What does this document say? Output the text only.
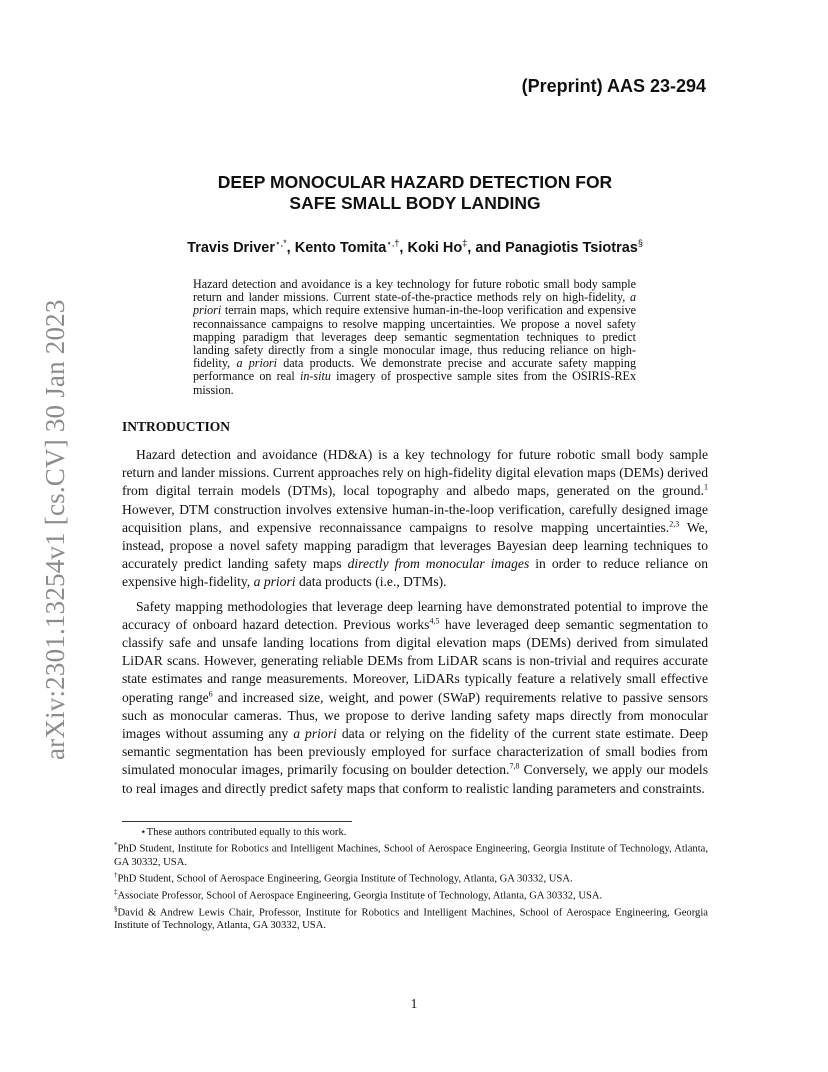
arXiv:2301.13254v1 [cs.CV] 30 Jan 2023
(Preprint) AAS 23-294
DEEP MONOCULAR HAZARD DETECTION FOR
SAFE SMALL BODY LANDING
Travis Driver⋆,*, Kento Tomita⋆,†, Koki Ho‡, and Panagiotis Tsiotras§
Hazard detection and avoidance is a key technology for future robotic small body sample return and lander missions. Current state-of-the-practice methods rely on high-fidelity, a priori terrain maps, which require extensive human-in-the-loop verification and expensive reconnaissance campaigns to resolve mapping uncertainties. We propose a novel safety mapping paradigm that leverages deep semantic segmentation techniques to predict landing safety directly from a single monocular image, thus reducing reliance on high-fidelity, a priori data products. We demonstrate precise and accurate safety mapping performance on real in-situ imagery of prospective sample sites from the OSIRIS-REx mission.
INTRODUCTION

Hazard detection and avoidance (HD&A) is a key technology for future robotic small body sample return and lander missions. Current approaches rely on high-fidelity digital elevation maps (DEMs) derived from digital terrain models (DTMs), local topography and albedo maps, generated on the ground.$^1$ However, DTM construction involves extensive human-in-the-loop verification, carefully designed image acquisition plans, and expensive reconnaissance campaigns to resolve mapping uncertainties.$^{2,3}$ We, instead, propose a novel safety mapping paradigm that leverages Bayesian deep learning techniques to accurately predict landing safety maps directly from monocular images in order to reduce reliance on expensive high-fidelity, a priori data products (i.e., DTMs).

Safety mapping methodologies that leverage deep learning have demonstrated potential to improve the accuracy of onboard hazard detection. Previous works$^{4,5}$ have leveraged deep semantic segmentation to classify safe and unsafe landing locations from digital elevation maps (DEMs) derived from simulated LiDAR scans. However, generating reliable DEMs from LiDAR scans is non-trivial and requires accurate state estimates and range measurements. Moreover, LiDARs typically feature a relatively small effective operating range$^6$ and increased size, weight, and power (SWaP) requirements relative to passive sensors such as monocular cameras. Thus, we propose to derive landing safety maps directly from monocular images without assuming any a priori data or relying on the fidelity of the current state estimate. Deep semantic segmentation has been previously employed for surface characterization of small bodies from simulated monocular images, primarily focusing on boulder detection.$^{7,8}$ Conversely, we apply our models to real images and directly predict safety maps that conform to realistic landing parameters and constraints.

⋆These authors contributed equally to this work.

*PhD Student, Institute for Robotics and Intelligent Machines, School of Aerospace Engineering, Georgia Institute of Technology, Atlanta, GA 30332, USA.

†PhD Student, School of Aerospace Engineering, Georgia Institute of Technology, Atlanta, GA 30332, USA.

‡Associate Professor, School of Aerospace Engineering, Georgia Institute of Technology, Atlanta, GA 30332, USA.

§David & Andrew Lewis Chair, Professor, Institute for Robotics and Intelligent Machines, School of Aerospace Engineering, Georgia Institute of Technology, Atlanta, GA 30332, USA.

1
